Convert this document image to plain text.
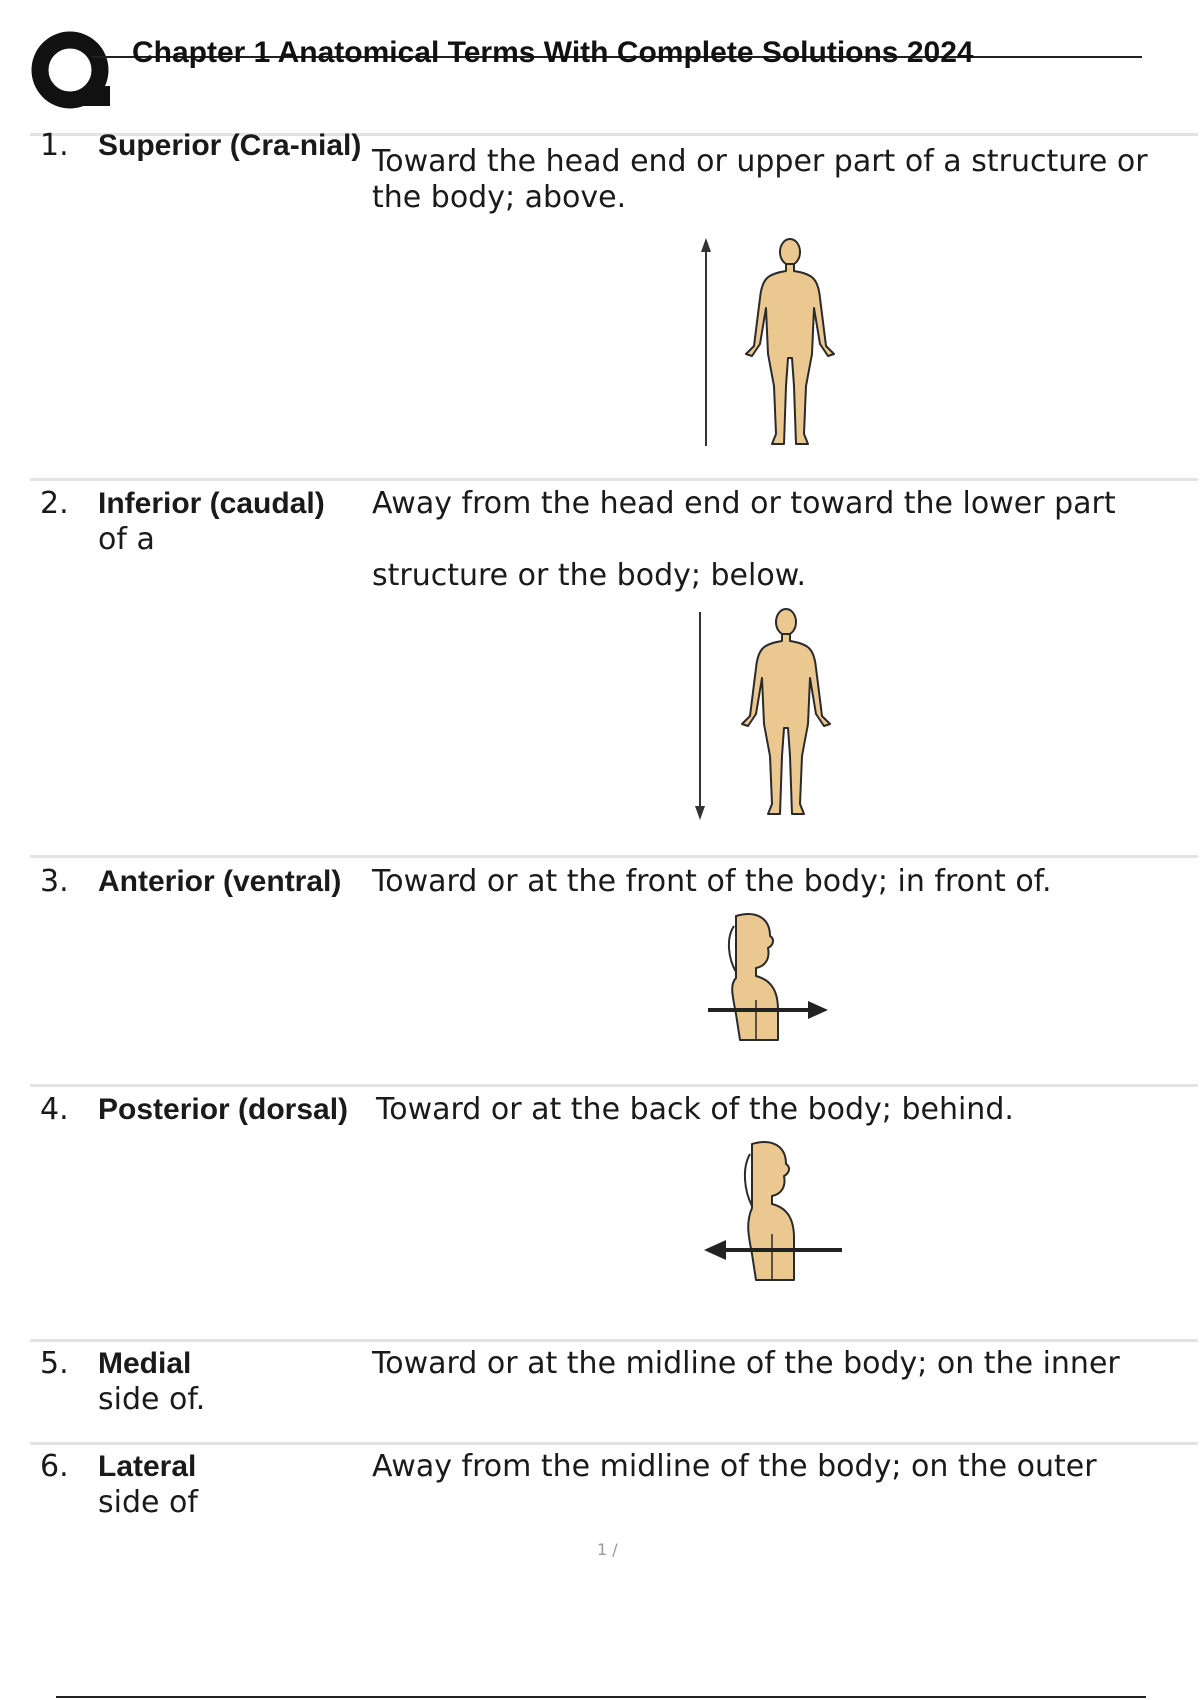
Chapter 1 Anatomical Terms With Complete Solutions 2024
1. Superior (Cra-nial) Toward the head end or upper part of a structure or the body; above.
2. Inferior (caudal)
of a
Away from the head end or toward the lower part
structure or the body; below.
3. Anterior (ventral)	Toward or at the front of the body; in front of.
4. Posterior (dorsal) Toward or at the back of the body; behind.
5. Medial
side of.
Toward or at the midline of the body; on the inner
6. Lateral
side of
Away from the midline of the body; on the outer
1 /
